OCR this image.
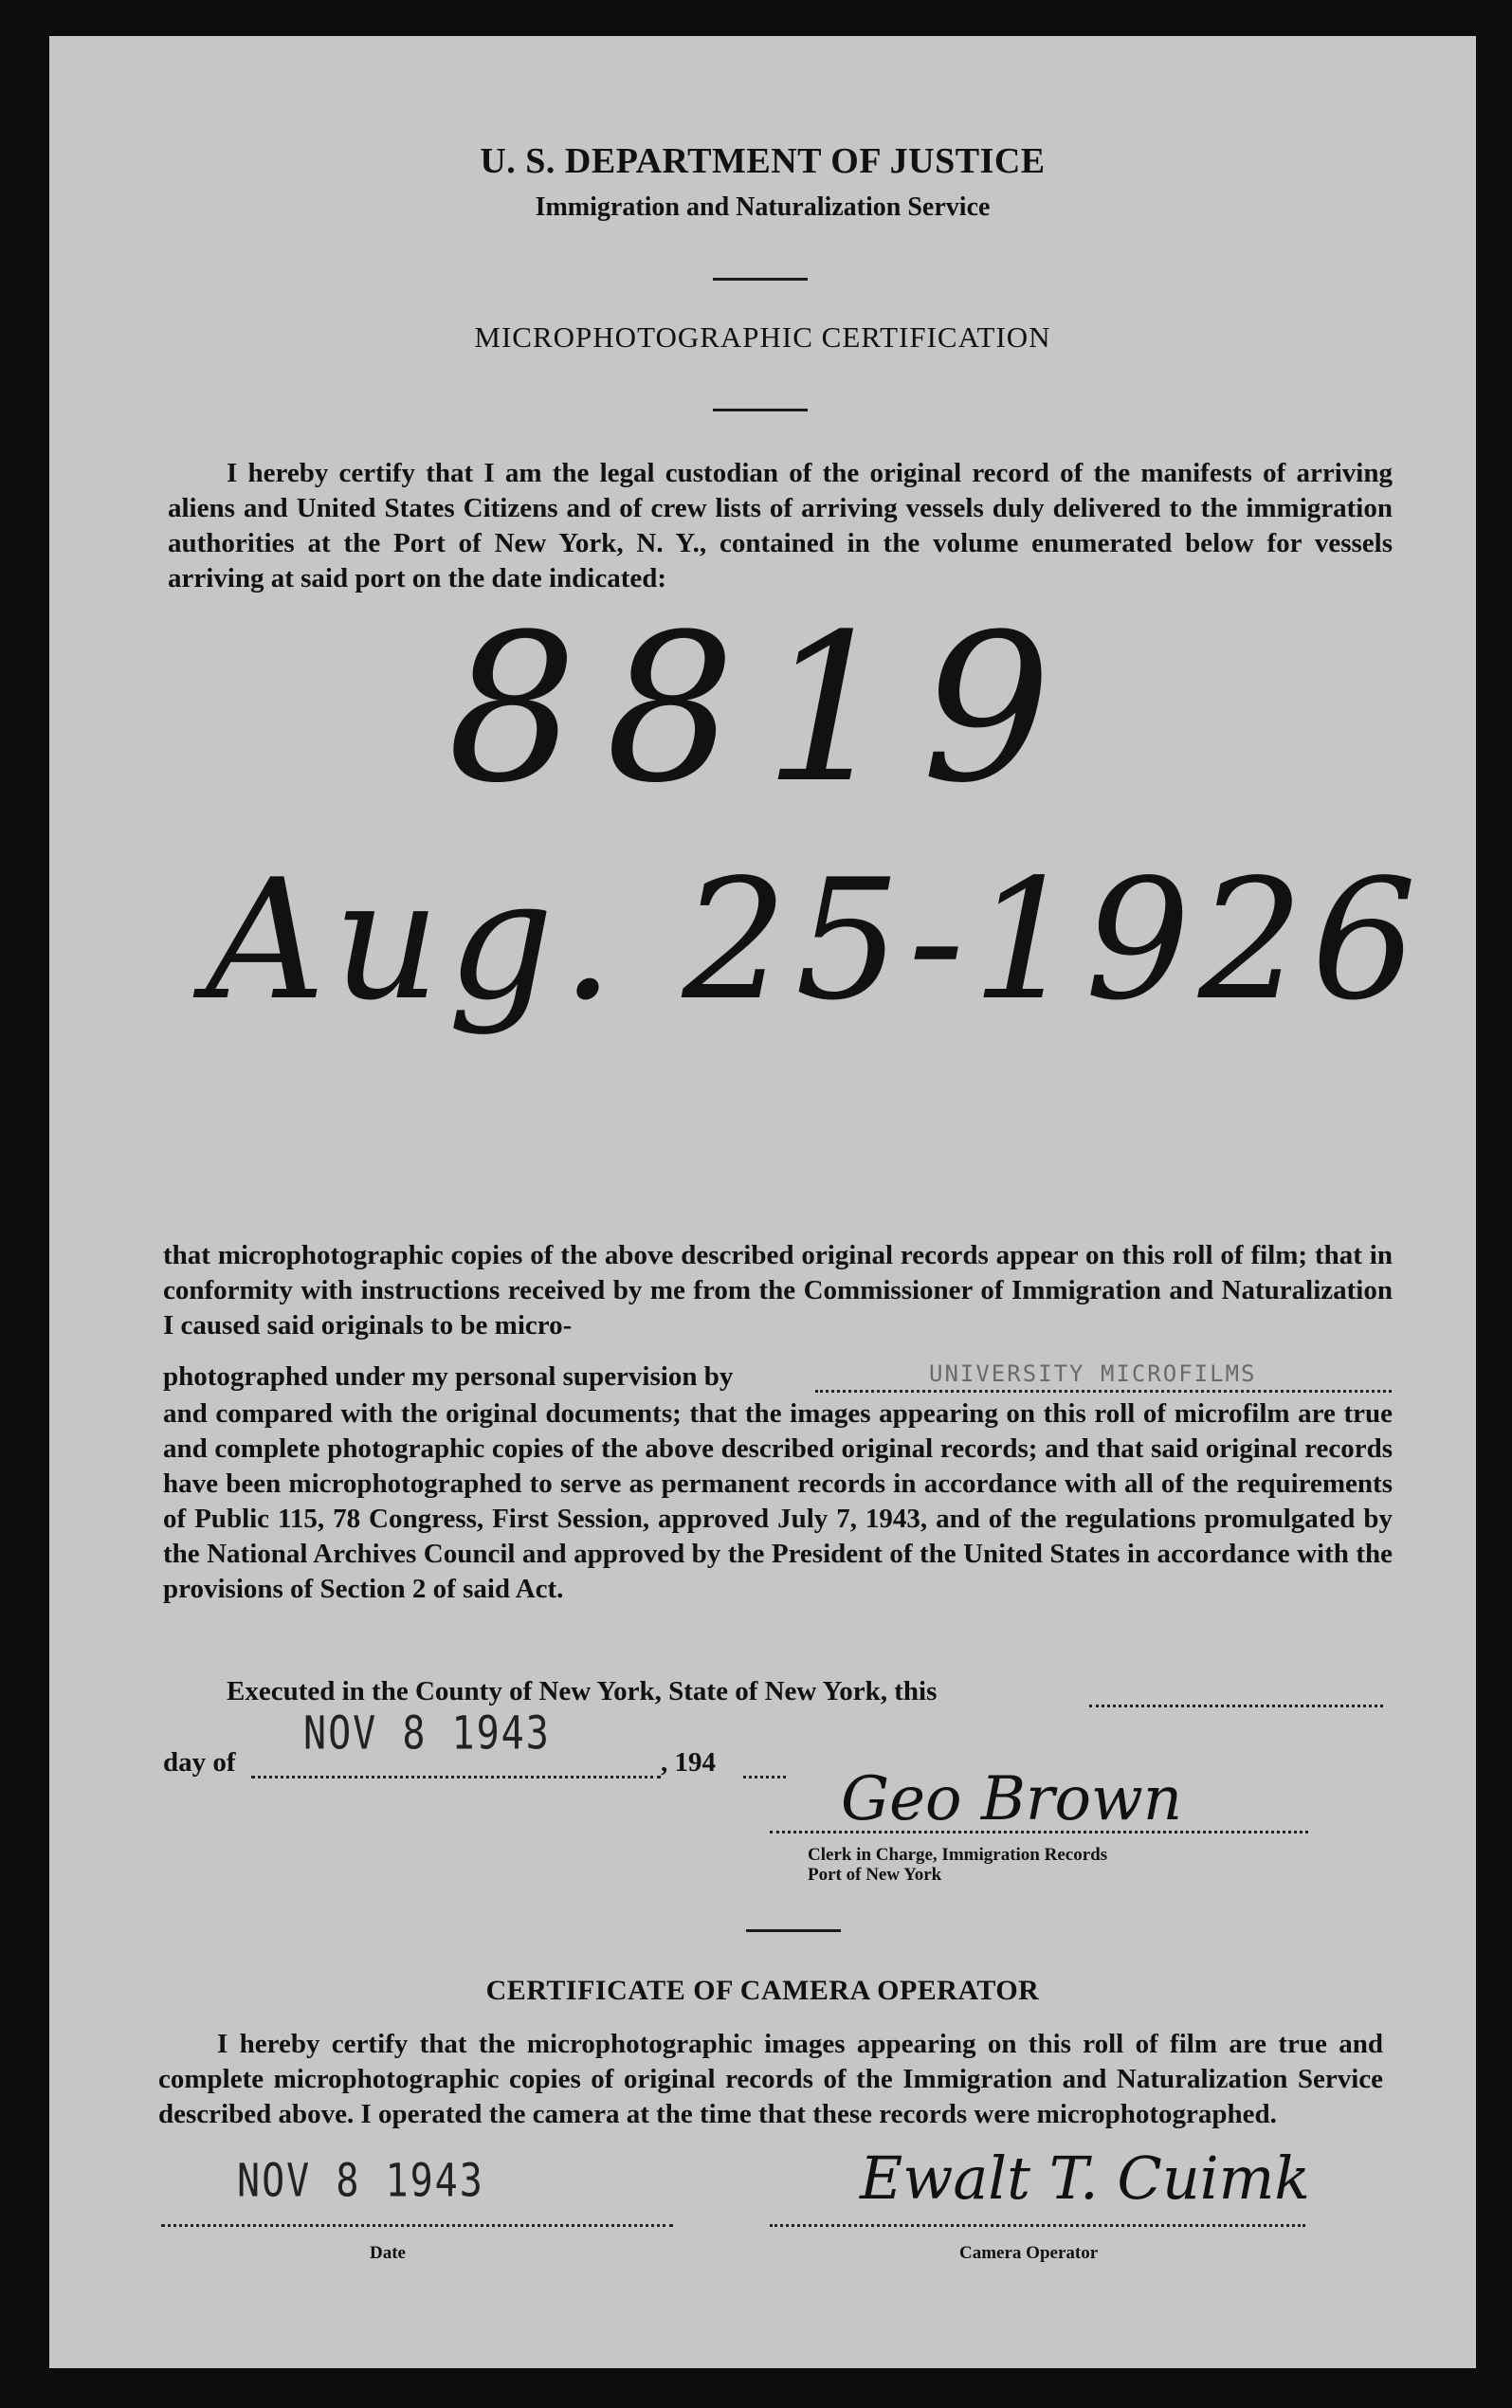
U. S. DEPARTMENT OF JUSTICE
Immigration and Naturalization Service
MICROPHOTOGRAPHIC CERTIFICATION
I hereby certify that I am the legal custodian of the original record of the manifests of arriving aliens and United States Citizens and of crew lists of arriving vessels duly delivered to the immigration authorities at the Port of New York, N. Y., contained in the volume enumerated below for vessels arriving at said port on the date indicated:
8819
Aug. 25-1926
that microphotographic copies of the above described original records appear on this roll of film; that in conformity with instructions received by me from the Commissioner of Immigration and Naturalization I caused said originals to be micro-
photographed under my personal supervision by	UNIVERSITY MICROFILMS
and compared with the original documents; that the images appearing on this roll of microfilm are true and complete photographic copies of the above described original records; and that said original records have been microphotographed to serve as permanent records in accordance with all of the requirements of Public 115, 78 Congress, First Session, approved July 7, 1943, and of the regulations promulgated by the National Archives Council and approved by the President of the United States in accordance with the provisions of Section 2 of said Act.
Executed in the County of New York, State of New York, this
day of
NOV 8 1943
, 194
Geo Brown
Clerk in Charge, Immigration Records
Port of New York
CERTIFICATE OF CAMERA OPERATOR
I hereby certify that the microphotographic images appearing on this roll of film are true and complete microphotographic copies of original records of the Immigration and Naturalization Service described above. I operated the camera at the time that these records were microphotographed.
NOV 8 1943	Ewalt T. Cuimk
Date	Camera Operator
